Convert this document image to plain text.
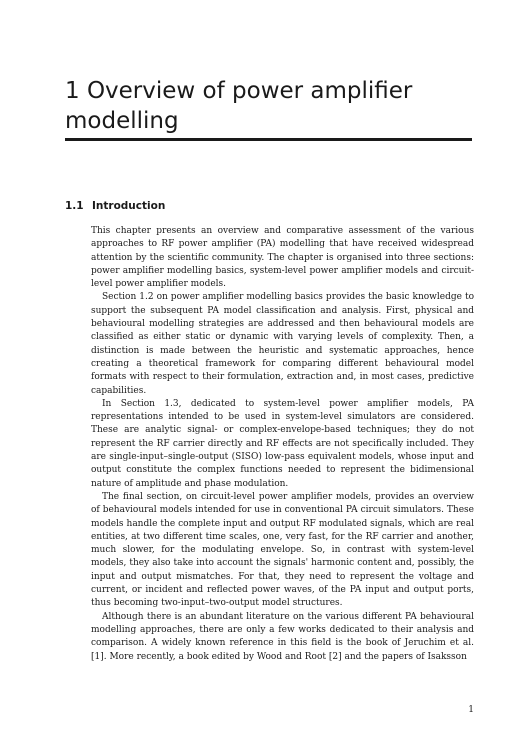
1 Overview of power amplifier modelling
1.1 Introduction

This chapter presents an overview and comparative assessment of the various approaches to RF power amplifier (PA) modelling that have received widespread attention by the scientific community. The chapter is organised into three sections: power amplifier modelling basics, system-level power amplifier models and circuit-level power amplifier models.

Section 1.2 on power amplifier modelling basics provides the basic knowledge to support the subsequent PA model classification and analysis. First, physical and behavioural modelling strategies are addressed and then behavioural models are classified as either static or dynamic with varying levels of complexity. Then, a distinction is made between the heuristic and systematic approaches, hence creating a theoretical framework for comparing different behavioural model formats with respect to their formulation, extraction and, in most cases, predictive capabilities.

In Section 1.3, dedicated to system-level power amplifier models, PA representations intended to be used in system-level simulators are considered. These are analytic signal- or complex-envelope-based techniques; they do not represent the RF carrier directly and RF effects are not specifically included. They are single-input–single-output (SISO) low-pass equivalent models, whose input and output constitute the complex functions needed to represent the bidimensional nature of amplitude and phase modulation.

The final section, on circuit-level power amplifier models, provides an overview of behavioural models intended for use in conventional PA circuit simulators. These models handle the complete input and output RF modulated signals, which are real entities, at two different time scales, one, very fast, for the RF carrier and another, much slower, for the modulating envelope. So, in contrast with system-level models, they also take into account the signals' harmonic content and, possibly, the input and output mismatches. For that, they need to represent the voltage and current, or incident and reflected power waves, of the PA input and output ports, thus becoming two-input–two-output model structures.

Although there is an abundant literature on the various different PA behavioural modelling approaches, there are only a few works dedicated to their analysis and comparison. A widely known reference in this field is the book of Jeruchim et al. [1]. More recently, a book edited by Wood and Root [2] and the papers of Isaksson

1
